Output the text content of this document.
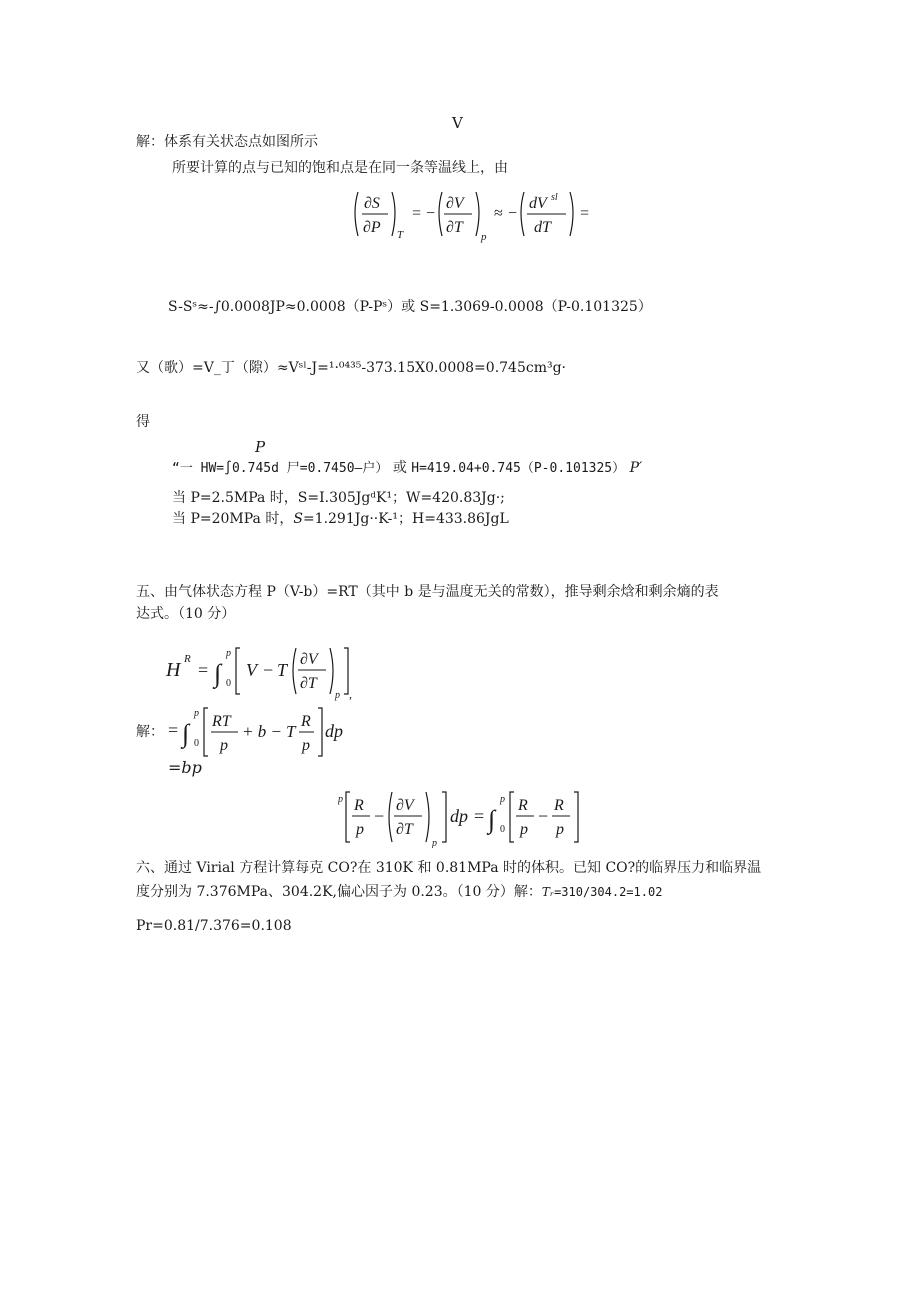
V
解：体系有关状态点如图所示
所要计算的点与已知的饱和点是在同一条等温线上，由
∂S
∂P T
= −
∂V
∂T
p
≈ −
dV sl
dT
=
S-Sˢ≈-∫0.0008JP≈0.0008（P-Pˢ）或 S=1.3069-0.0008（P-0.101325）
又（歌）=V_丁（隙）≈Vˢˡ-J=¹·⁰⁴³⁵-373.15X0.0008=0.745cm³g·
得
P
“一 HW=∫0.745d 尸=0.7450—户） 或 H=419.04+0.745（P-0.101325） P′
当 P=2.5MPa 时，S=I.305JgᵈK¹；W=420.83Jg·;
当 P=20MPa 时，S=1.291Jg··K-¹；H=433.86JgL
五、由气体状态方程 P（V-b）=RT（其中 b 是与温度无关的常数），推导剩余焓和剩余熵的表
达式。（10 分）
H R
= ∫
p
0
V − T
∂V
∂T
p ,
解： = ∫
p
0
RT
p
+ b − T
R
p
dp
=bp
p R
p
−
∂V
∂T
p
dp = ∫
p
0
R
p
−
R
p
六、通过 Virial 方程计算每克 CO?在 310K 和 0.81MPa 时的体积。已知 CO?的临界压力和临界温
度分别为 7.376MPa、304.2K,偏心因子为 0.23。（10 分）解：Tᵣ=310/304.2=1.02
Pr=0.81/7.376=0.108
